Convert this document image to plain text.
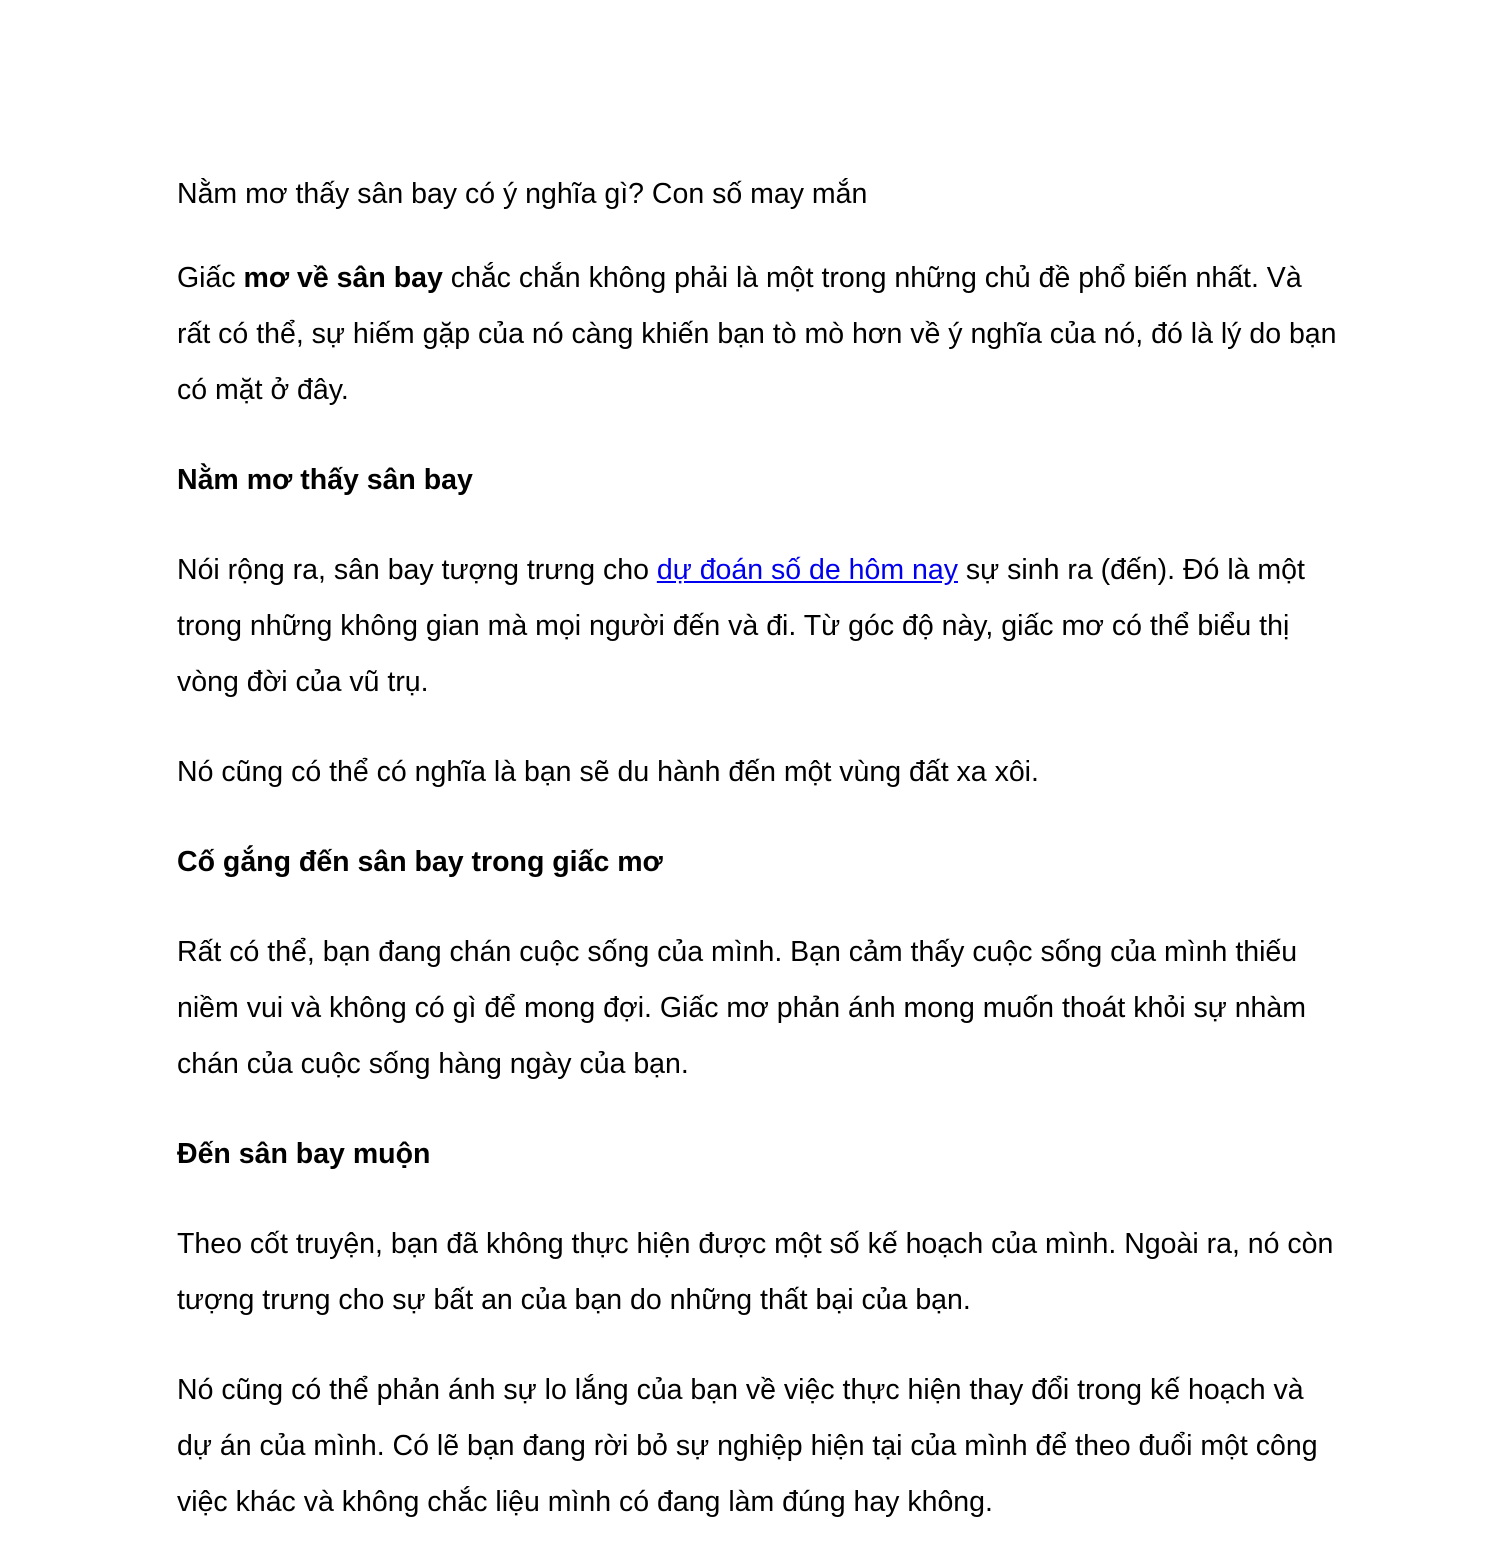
Nằm mơ thấy sân bay có ý nghĩa gì? Con số may mắn

Giấc mơ về sân bay chắc chắn không phải là một trong những chủ đề phổ biến nhất. Và rất có thể, sự hiếm gặp của nó càng khiến bạn tò mò hơn về ý nghĩa của nó, đó là lý do bạn có mặt ở đây.

Nằm mơ thấy sân bay

Nói rộng ra, sân bay tượng trưng cho dự đoán số de hôm nay sự sinh ra (đến). Đó là một trong những không gian mà mọi người đến và đi. Từ góc độ này, giấc mơ có thể biểu thị vòng đời của vũ trụ.

Nó cũng có thể có nghĩa là bạn sẽ du hành đến một vùng đất xa xôi.

Cố gắng đến sân bay trong giấc mơ

Rất có thể, bạn đang chán cuộc sống của mình. Bạn cảm thấy cuộc sống của mình thiếu niềm vui và không có gì để mong đợi. Giấc mơ phản ánh mong muốn thoát khỏi sự nhàm chán của cuộc sống hàng ngày của bạn.

Đến sân bay muộn

Theo cốt truyện, bạn đã không thực hiện được một số kế hoạch của mình. Ngoài ra, nó còn tượng trưng cho sự bất an của bạn do những thất bại của bạn.

Nó cũng có thể phản ánh sự lo lắng của bạn về việc thực hiện thay đổi trong kế hoạch và dự án của mình. Có lẽ bạn đang rời bỏ sự nghiệp hiện tại của mình để theo đuổi một công việc khác và không chắc liệu mình có đang làm đúng hay không.
